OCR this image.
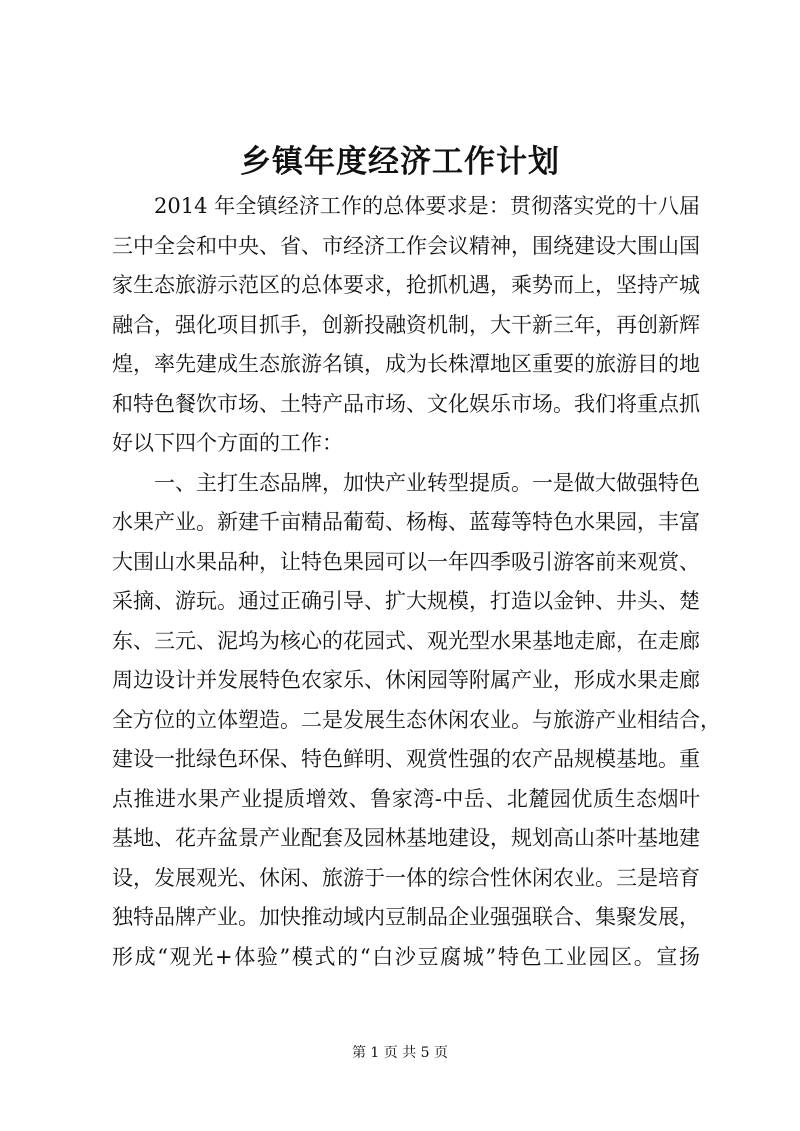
乡镇年度经济工作计划
2014 年全镇经济工作的总体要求是：贯彻落实党的十八届
三中全会和中央、省、市经济工作会议精神，围绕建设大围山国
家生态旅游示范区的总体要求，抢抓机遇，乘势而上，坚持产城
融合，强化项目抓手，创新投融资机制，大干新三年，再创新辉
煌，率先建成生态旅游名镇，成为长株潭地区重要的旅游目的地
和特色餐饮市场、土特产品市场、文化娱乐市场。我们将重点抓
好以下四个方面的工作：
一、主打生态品牌，加快产业转型提质。一是做大做强特色
水果产业。新建千亩精品葡萄、杨梅、蓝莓等特色水果园，丰富
大围山水果品种，让特色果园可以一年四季吸引游客前来观赏、
采摘、游玩。通过正确引导、扩大规模，打造以金钟、井头、楚
东、三元、泥坞为核心的花园式、观光型水果基地走廊，在走廊
周边设计并发展特色农家乐、休闲园等附属产业，形成水果走廊
全方位的立体塑造。二是发展生态休闲农业。与旅游产业相结合，
建设一批绿色环保、特色鲜明、观赏性强的农产品规模基地。重
点推进水果产业提质增效、鲁家湾-中岳、北麓园优质生态烟叶
基地、花卉盆景产业配套及园林基地建设，规划高山茶叶基地建
设，发展观光、休闲、旅游于一体的综合性休闲农业。三是培育
独特品牌产业。加快推动域内豆制品企业强强联合、集聚发展，
形成“观光+体验”模式的“白沙豆腐城”特色工业园区。宣扬
第 1 页 共 5 页
